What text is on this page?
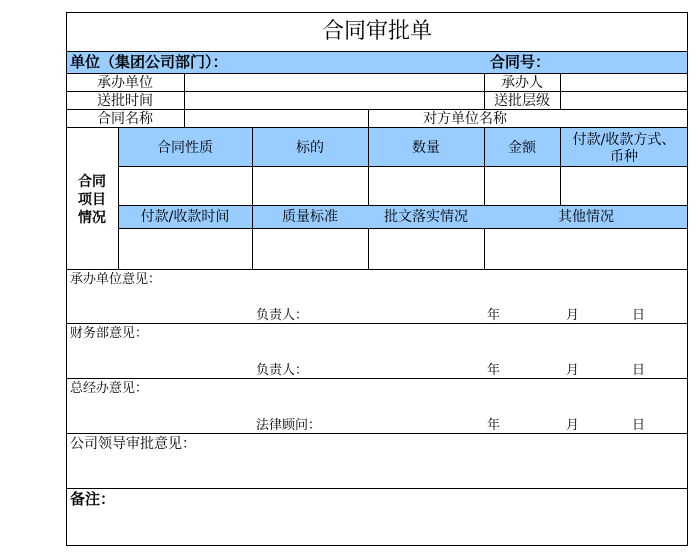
合同审批单
单位（集团公司部门）：	合同号：
承办单位	承办人
送批时间	送批层级
合同名称	对方单位名称
合同
项目
情况
合同性质	标的	数量	金额	付款/收款方式、币种
付款/收款时间	质量标准	批文落实情况	其他情况
承办单位意见：
负责人：	年	月	日
财务部意见：
负责人：	年	月	日
总经办意见：
法律顾问：	年	月	日
公司领导审批意见：
备注：
